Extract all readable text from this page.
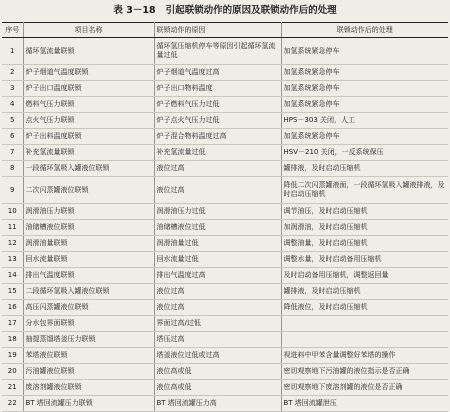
表 3－18 引起联锁动作的原因及联锁动作后的处理
序号	项目名称	联锁动作的原因	联锁动作后的处理
1	循环氢流量联锁	循环氢压缩机停车等原因引起循环氢流量过低	加氢系统紧急停车
2	炉子烟道气温度联锁	炉子烟道气温度过高	加氢系统紧急停车
3	炉子出口温度联锁	炉子出口物料温度	加氢系统紧急停车
4	燃料气压力联锁	炉子燃料气压力过低	加氢系统紧急停车
5	点火气压力联锁	炉子点火气压力过低	HPS－303 关闭，人工
6	炉子出料温度联锁	炉子混合物料温度过高	加氢系统紧急停车
7	补充氢流量联锁	补充氢流量过低	HSV－210 关闭，一反系统保压
8	一段循环氢吸入罐液位联锁	液位过高	罐排液，及时启动压缩机
9	二次闪蒸罐液位联锁	液位过高	降低二次闪蒸罐液面，一段循环氢吸入罐液排液，及时启动压缩机
10	润滑油压力联锁	润滑油压力过低	调节油压，及时启动压缩机
11	油储槽液位联锁	油储槽液位过低	加润滑油，及时启动压缩机
12	润滑油量联锁	润滑油量过低	调整油量，及时启动压缩机
13	回水流量联锁	回水流量过低	调整水量，及时启动备用压缩机
14	排出气温度联锁	排出气温度过高	及时启动备用压缩机，调整返回量
15	二段循环氢吸入罐液位联锁	液位过高	罐排液，及时启动压缩机
16	高压闪蒸罐液位联锁	液位过高	降低液位，及时启动压缩机
17	分水包界面联锁	界面过高/过低	
18	抽提蒸馏塔釜压力联锁	塔压过高	
19	苯塔液位联锁	塔釜液位过低或过高	视进料中甲苯含量调整好苯塔的操作
20	污油罐液位联锁	液位高或低	密切观察地下污油罐的液位指示是否正确
21	废溶剂罐液位联锁	液位高或低	密切观察地下废溶剂罐的液位是否正确
22	BT 塔回流罐压力联锁	BT 塔回流罐压力高	BT 塔回流罐泄压
